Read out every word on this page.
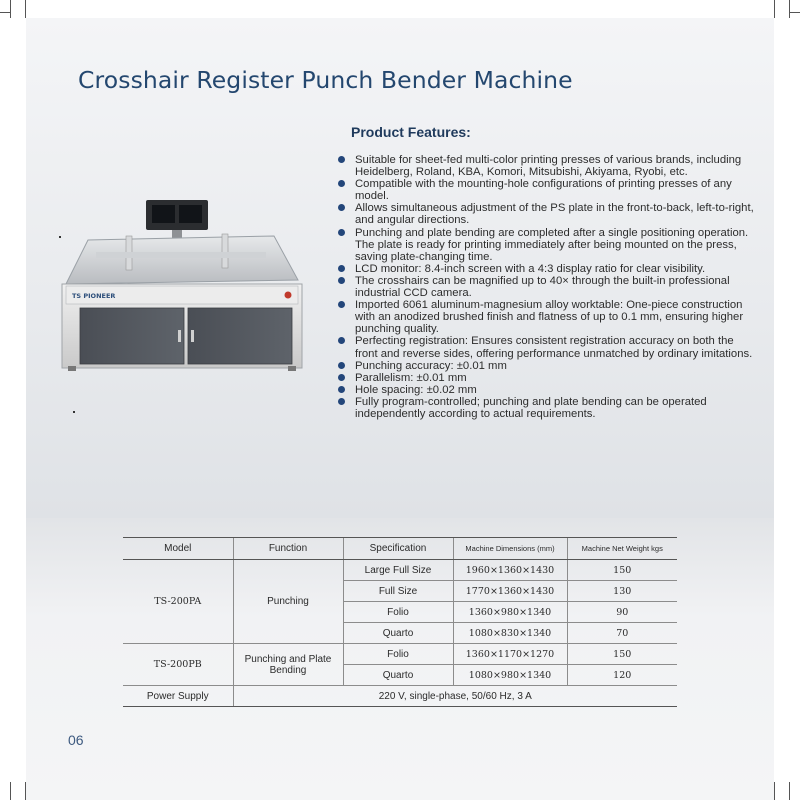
Crosshair Register Punch Bender Machine
Product Features:
Suitable for sheet-fed multi-color printing presses of various brands, including Heidelberg, Roland, KBA, Komori, Mitsubishi, Akiyama, Ryobi, etc.
Compatible with the mounting-hole configurations of printing presses of any model.
Allows simultaneous adjustment of the PS plate in the front-to-back, left-to-right, and angular directions.
Punching and plate bending are completed after a single positioning operation. The plate is ready for printing immediately after being mounted on the press, saving plate-changing time.
LCD monitor: 8.4-inch screen with a 4:3 display ratio for clear visibility.
The crosshairs can be magnified up to 40× through the built-in professional industrial CCD camera.
Imported 6061 aluminum-magnesium alloy worktable: One-piece construction with an anodized brushed finish and flatness of up to 0.1 mm, ensuring higher punching quality.
Perfecting registration: Ensures consistent registration accuracy on both the front and reverse sides, offering performance unmatched by ordinary imitations.
Punching accuracy: ±0.01 mm
Parallelism: ±0.01 mm
Hole spacing: ±0.02 mm
Fully program-controlled; punching and plate bending can be operated independently according to actual requirements.
TS PIONEER
Model	Function	Specification	Machine Dimensions (mm)	Machine Net Weight kgs
TS-200PA	Punching	Large Full Size	1960×1360×1430	150
		Full Size	1770×1360×1430	130
		Folio	1360×980×1340	90
		Quarto	1080×830×1340	70
TS-200PB	Punching and Plate Bending	Folio	1360×1170×1270	150
		Quarto	1080×980×1340	120
Power Supply	220 V, single-phase, 50/60 Hz, 3 A			
06
